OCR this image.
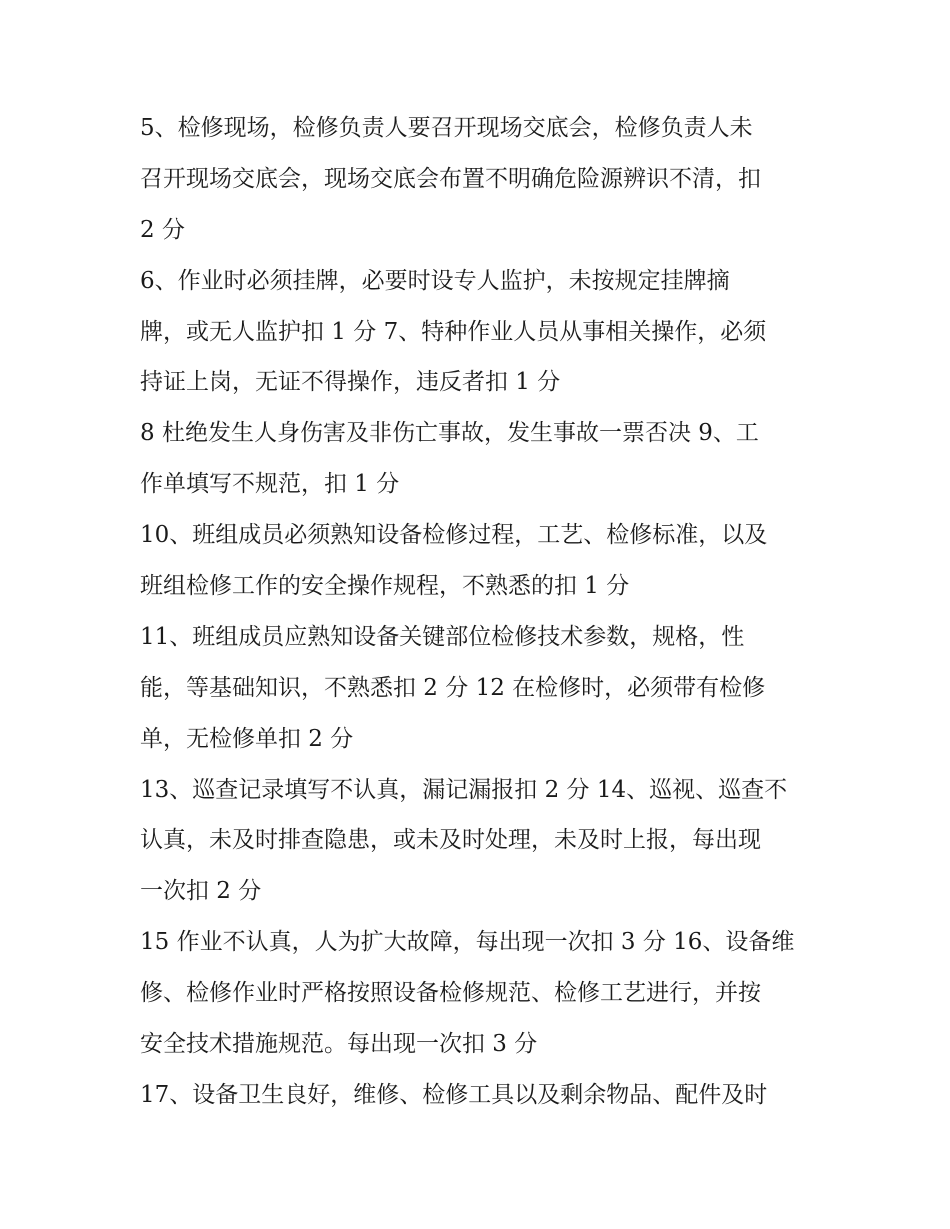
5、检修现场，检修负责人要召开现场交底会，检修负责人未
召开现场交底会，现场交底会布置不明确危险源辨识不清，扣
2 分
6、作业时必须挂牌，必要时设专人监护，未按规定挂牌摘
牌，或无人监护扣 1 分 7、特种作业人员从事相关操作，必须
持证上岗，无证不得操作，违反者扣 1 分
8 杜绝发生人身伤害及非伤亡事故，发生事故一票否决 9、工
作单填写不规范，扣 1 分
10、班组成员必须熟知设备检修过程，工艺、检修标准，以及
班组检修工作的安全操作规程，不熟悉的扣 1 分
11、班组成员应熟知设备关键部位检修技术参数，规格，性
能，等基础知识，不熟悉扣 2 分 12 在检修时，必须带有检修
单，无检修单扣 2 分
13、巡查记录填写不认真，漏记漏报扣 2 分 14、巡视、巡查不
认真，未及时排查隐患，或未及时处理，未及时上报，每出现
一次扣 2 分
15 作业不认真，人为扩大故障，每出现一次扣 3 分 16、设备维
修、检修作业时严格按照设备检修规范、检修工艺进行，并按
安全技术措施规范。每出现一次扣 3 分
17、设备卫生良好，维修、检修工具以及剩余物品、配件及时
